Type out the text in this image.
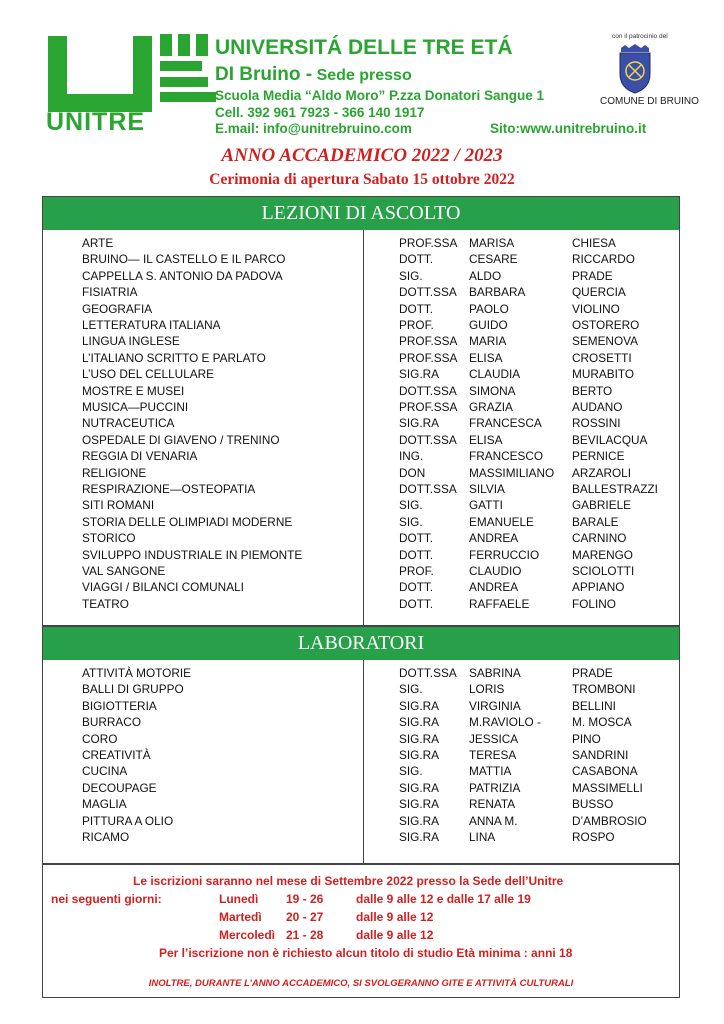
UNITRE
UNIVERSITÁ DELLE TRE ETÁ
DI Bruino - Sede presso
Scuola Media “Aldo Moro” P.zza Donatori Sangue 1
Cell. 392 961 7923 - 366 140 1917
E.mail: info@unitrebruino.com	Sito:www.unitrebruino.it
con il patrocinio del
COMUNE DI BRUINO
ANNO ACCADEMICO 2022 / 2023
Cerimonia di apertura Sabato 15 ottobre 2022
LEZIONI DI ASCOLTO
ARTE	PROF.SSA MARISA	CHIESA
BRUINO— IL CASTELLO E IL PARCO	DOTT.	CESARE	RICCARDO
CAPPELLA S. ANTONIO DA PADOVA	SIG.	ALDO	PRADE
FISIATRIA	DOTT.SSA BARBARA	QUERCIA
GEOGRAFIA	DOTT.	PAOLO	VIOLINO
LETTERATURA ITALIANA	PROF.	GUIDO	OSTORERO
LINGUA INGLESE	PROF.SSA MARIA	SEMENOVA
L’ITALIANO SCRITTO E PARLATO	PROF.SSA ELISA	CROSETTI
L’USO DEL CELLULARE	SIG.RA	CLAUDIA	MURABITO
MOSTRE E MUSEI	DOTT.SSA SIMONA	BERTO
MUSICA—PUCCINI	PROF.SSA GRAZIA	AUDANO
NUTRACEUTICA	SIG.RA	FRANCESCA	ROSSINI
OSPEDALE DI GIAVENO / TRENINO	DOTT.SSA ELISA	BEVILACQUA
REGGIA DI VENARIA	ING.	FRANCESCO PERNICE
RELIGIONE	DON	MASSIMILIANO ARZAROLI
RESPIRAZIONE—OSTEOPATIA	DOTT.SSA SILVIA	BALLESTRAZZI
SITI ROMANI	SIG.	GATTI	GABRIELE
STORIA DELLE OLIMPIADI MODERNE	SIG.	EMANUELE	BARALE
STORICO	DOTT.	ANDREA	CARNINO
SVILUPPO INDUSTRIALE IN PIEMONTE	DOTT.	FERRUCCIO	MARENGO
VAL SANGONE	PROF.	CLAUDIO	SCIOLOTTI
VIAGGI / BILANCI COMUNALI	DOTT.	ANDREA	APPIANO
TEATRO	DOTT.	RAFFAELE	FOLINO
LABORATORI
ATTIVITÀ MOTORIE	DOTT.SSA SABRINA	PRADE
BALLI DI GRUPPO	SIG.	LORIS	TROMBONI
BIGIOTTERIA	SIG.RA	VIRGINIA	BELLINI
BURRACO	SIG.RA	M.RAVIOLO -	M. MOSCA
CORO	SIG.RA	JESSICA	PINO
CREATIVITÀ	SIG.RA	TERESA	SANDRINI
CUCINA	SIG.	MATTIA	CASABONA
DECOUPAGE	SIG.RA	PATRIZIA	MASSIMELLI
MAGLIA	SIG.RA	RENATA	BUSSO
PITTURA A OLIO	SIG.RA	ANNA M.	D’AMBROSIO
RICAMO	SIG.RA	LINA	ROSPO
Le iscrizioni saranno nel mese di Settembre 2022 presso la Sede dell’Unitre
nei seguenti giorni:	Lunedì 19 - 26	dalle 9 alle 12 e dalle 17 alle 19
Martedì 20 - 27	dalle 9 alle 12
Mercoledì 21 - 28	dalle 9 alle 12
Per l’iscrizione non è richiesto alcun titolo di studio Età minima : anni 18
INOLTRE, DURANTE L’ANNO ACCADEMICO, SI SVOLGERANNO GITE E ATTIVITÀ CULTURALI
